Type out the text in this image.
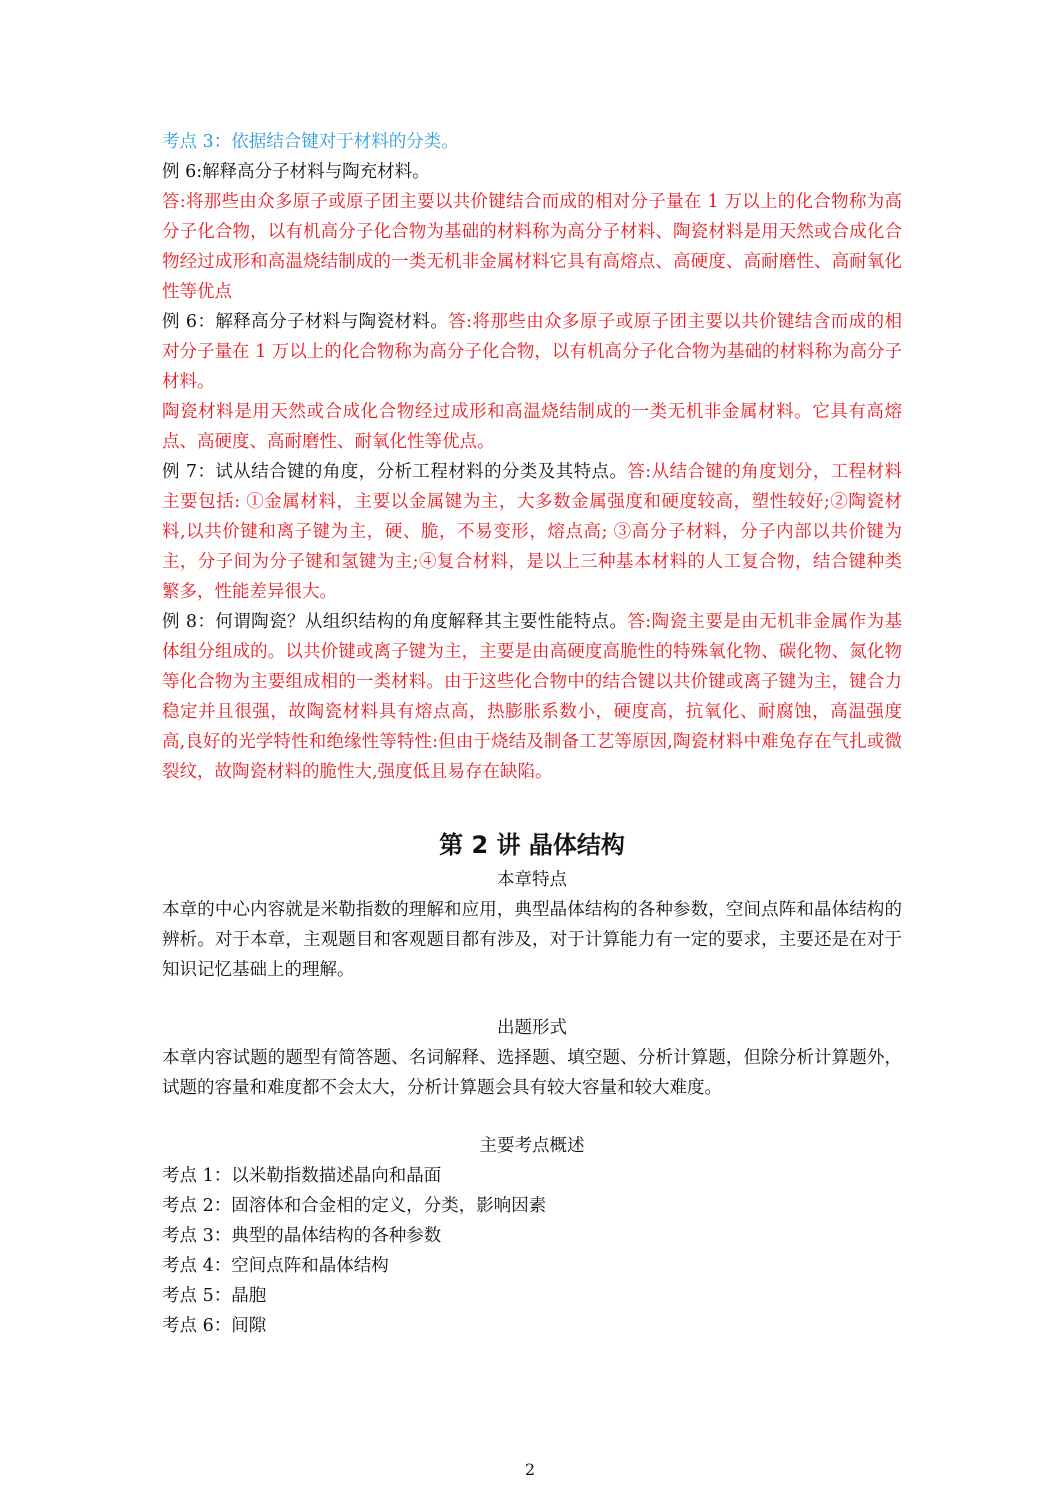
考点 3：依据结合键对于材料的分类。

例 6:解释高分子材料与陶充材料。

答:将那些由众多原子或原子团主要以共价键结合而成的相对分子量在 1 万以上的化合物称为高分子化合物，以有机高分子化合物为基础的材料称为高分子材料、陶瓷材料是用天然或合成化合物经过成形和高温烧结制成的一类无机非金属材料它具有高熔点、高硬度、高耐磨性、高耐氧化性等优点

例 6：解释高分子材料与陶瓷材料。答:将那些由众多原子或原子团主要以共价键结含而成的相对分子量在 1 万以上的化合物称为高分子化合物，以有机高分子化合物为基础的材料称为高分子材料。

陶瓷材料是用天然或合成化合物经过成形和高温烧结制成的一类无机非金属材料。它具有高熔点、高硬度、高耐磨性、耐氧化性等优点。

例 7：试从结合键的角度，分析工程材料的分类及其特点。答:从结合键的角度划分，工程材料主要包括: ①金属材料，主要以金属键为主，大多数金属强度和硬度较高，塑性较好;②陶瓷材料,以共价键和离子键为主，硬、脆，不易变形，熔点高; ③高分子材料，分子内部以共价键为主，分子间为分子键和氢键为主;④复合材料，是以上三种基本材料的人工复合物，结合键种类繁多，性能差异很大。

例 8：何谓陶瓷？从组织结构的角度解释其主要性能特点。答:陶瓷主要是由无机非金属作为基体组分组成的。以共价键或离子键为主，主要是由高硬度高脆性的特殊氧化物、碳化物、氮化物等化合物为主要组成相的一类材料。由于这些化合物中的结合键以共价键或离子键为主，键合力稳定并且很强，故陶瓷材料具有熔点高，热膨胀系数小，硬度高，抗氧化、耐腐蚀，高温强度高,良好的光学特性和绝缘性等特性:但由于烧结及制备工艺等原因,陶瓷材料中难兔存在气扎或微裂纹，故陶瓷材料的脆性大,强度低且易存在缺陷。

第 2 讲 晶体结构

本章特点

本章的中心内容就是米勒指数的理解和应用，典型晶体结构的各种参数，空间点阵和晶体结构的辨析。对于本章，主观题目和客观题目都有涉及，对于计算能力有一定的要求，主要还是在对于知识记忆基础上的理解。

出题形式

本章内容试题的题型有简答题、名词解释、选择题、填空题、分析计算题，但除分析计算题外，试题的容量和难度都不会太大，分析计算题会具有较大容量和较大难度。

主要考点概述

考点 1：以米勒指数描述晶向和晶面

考点 2：固溶体和合金相的定义，分类，影响因素

考点 3：典型的晶体结构的各种参数

考点 4：空间点阵和晶体结构

考点 5：晶胞

考点 6：间隙

2
